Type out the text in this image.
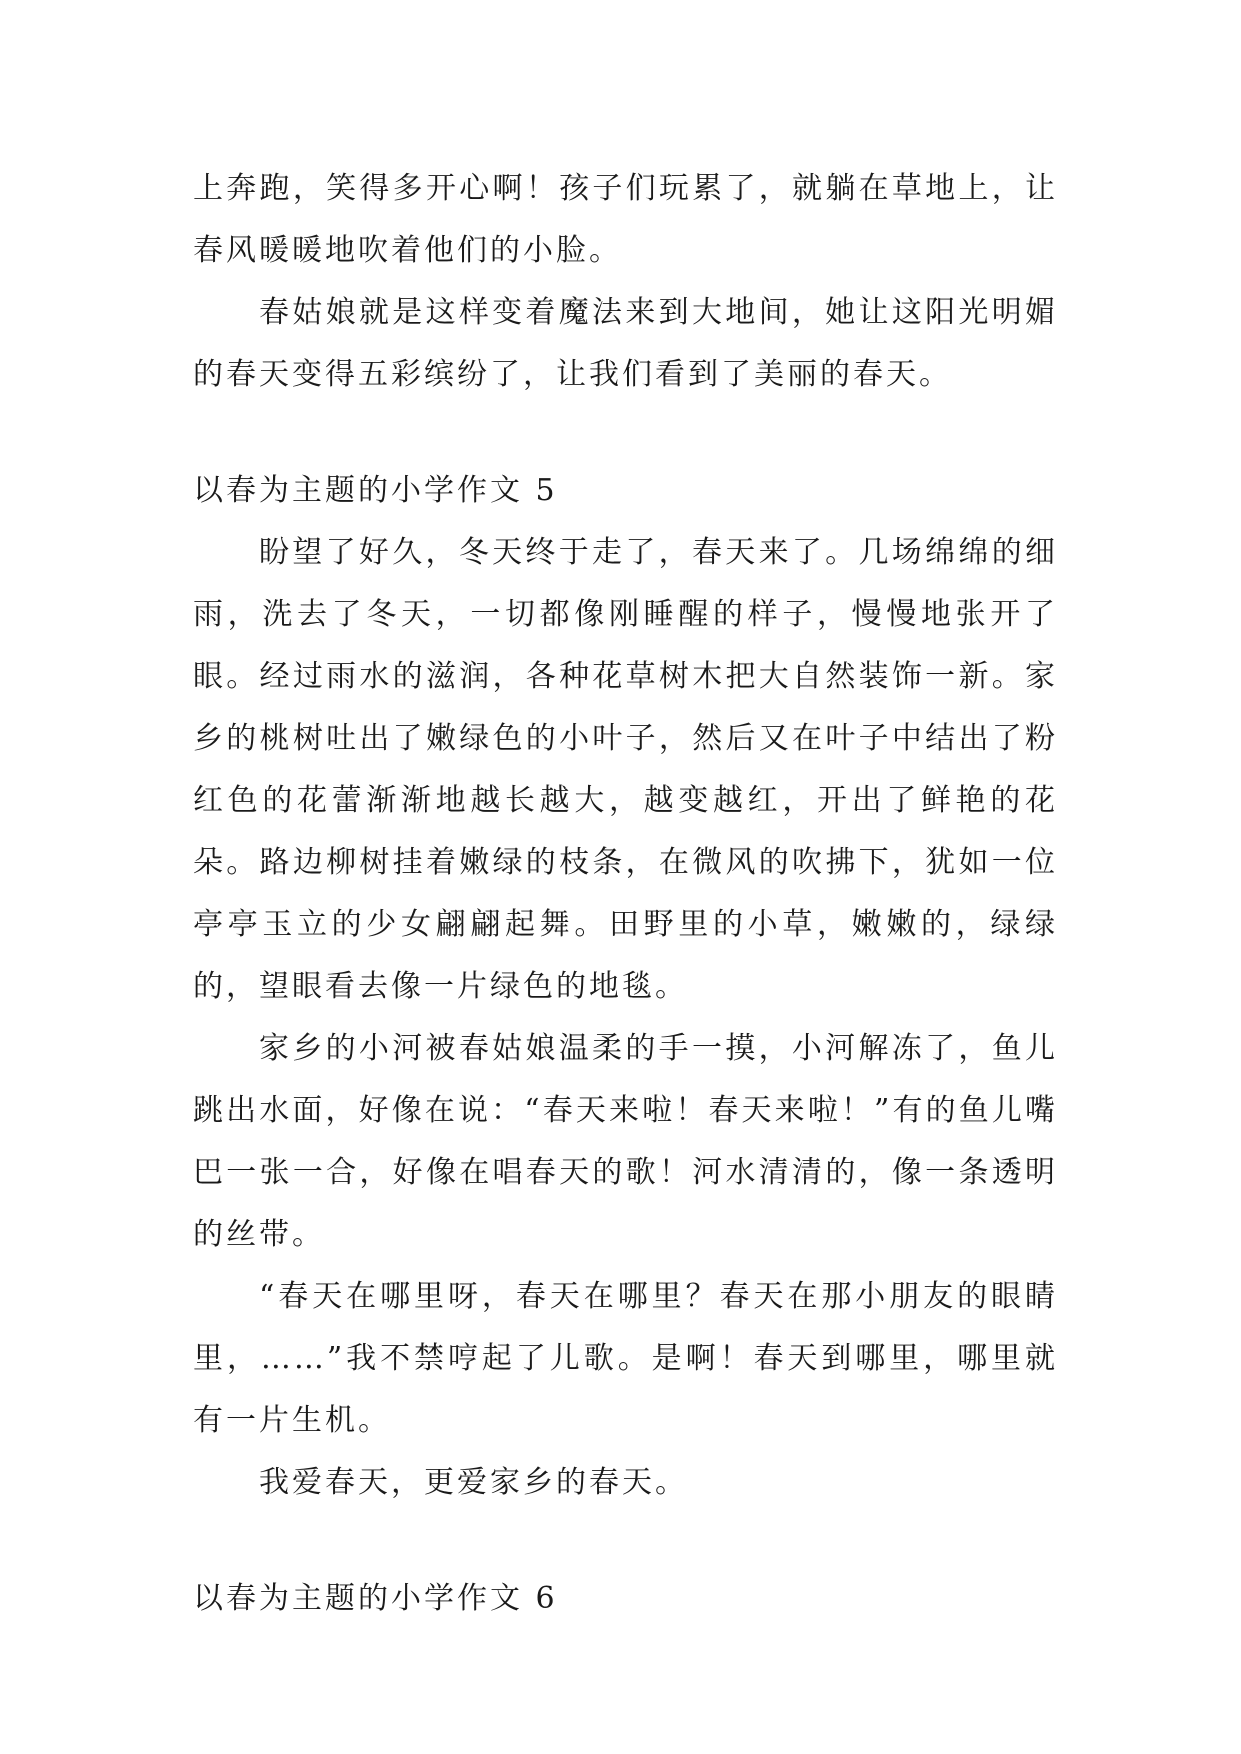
上奔跑，笑得多开心啊！孩子们玩累了，就躺在草地上，让春风暖暖地吹着他们的小脸。

春姑娘就是这样变着魔法来到大地间，她让这阳光明媚的春天变得五彩缤纷了，让我们看到了美丽的春天。

以春为主题的小学作文 5

盼望了好久，冬天终于走了，春天来了。几场绵绵的细雨，洗去了冬天，一切都像刚睡醒的样子，慢慢地张开了眼。经过雨水的滋润，各种花草树木把大自然装饰一新。家乡的桃树吐出了嫩绿色的小叶子，然后又在叶子中结出了粉红色的花蕾渐渐地越长越大，越变越红，开出了鲜艳的花朵。路边柳树挂着嫩绿的枝条，在微风的吹拂下，犹如一位亭亭玉立的少女翩翩起舞。田野里的小草，嫩嫩的，绿绿的，望眼看去像一片绿色的地毯。

家乡的小河被春姑娘温柔的手一摸，小河解冻了，鱼儿跳出水面，好像在说：“春天来啦！春天来啦！”有的鱼儿嘴巴一张一合，好像在唱春天的歌！河水清清的，像一条透明的丝带。

“春天在哪里呀，春天在哪里？春天在那小朋友的眼睛里，……”我不禁哼起了儿歌。是啊！春天到哪里，哪里就有一片生机。

我爱春天，更爱家乡的春天。

以春为主题的小学作文 6
